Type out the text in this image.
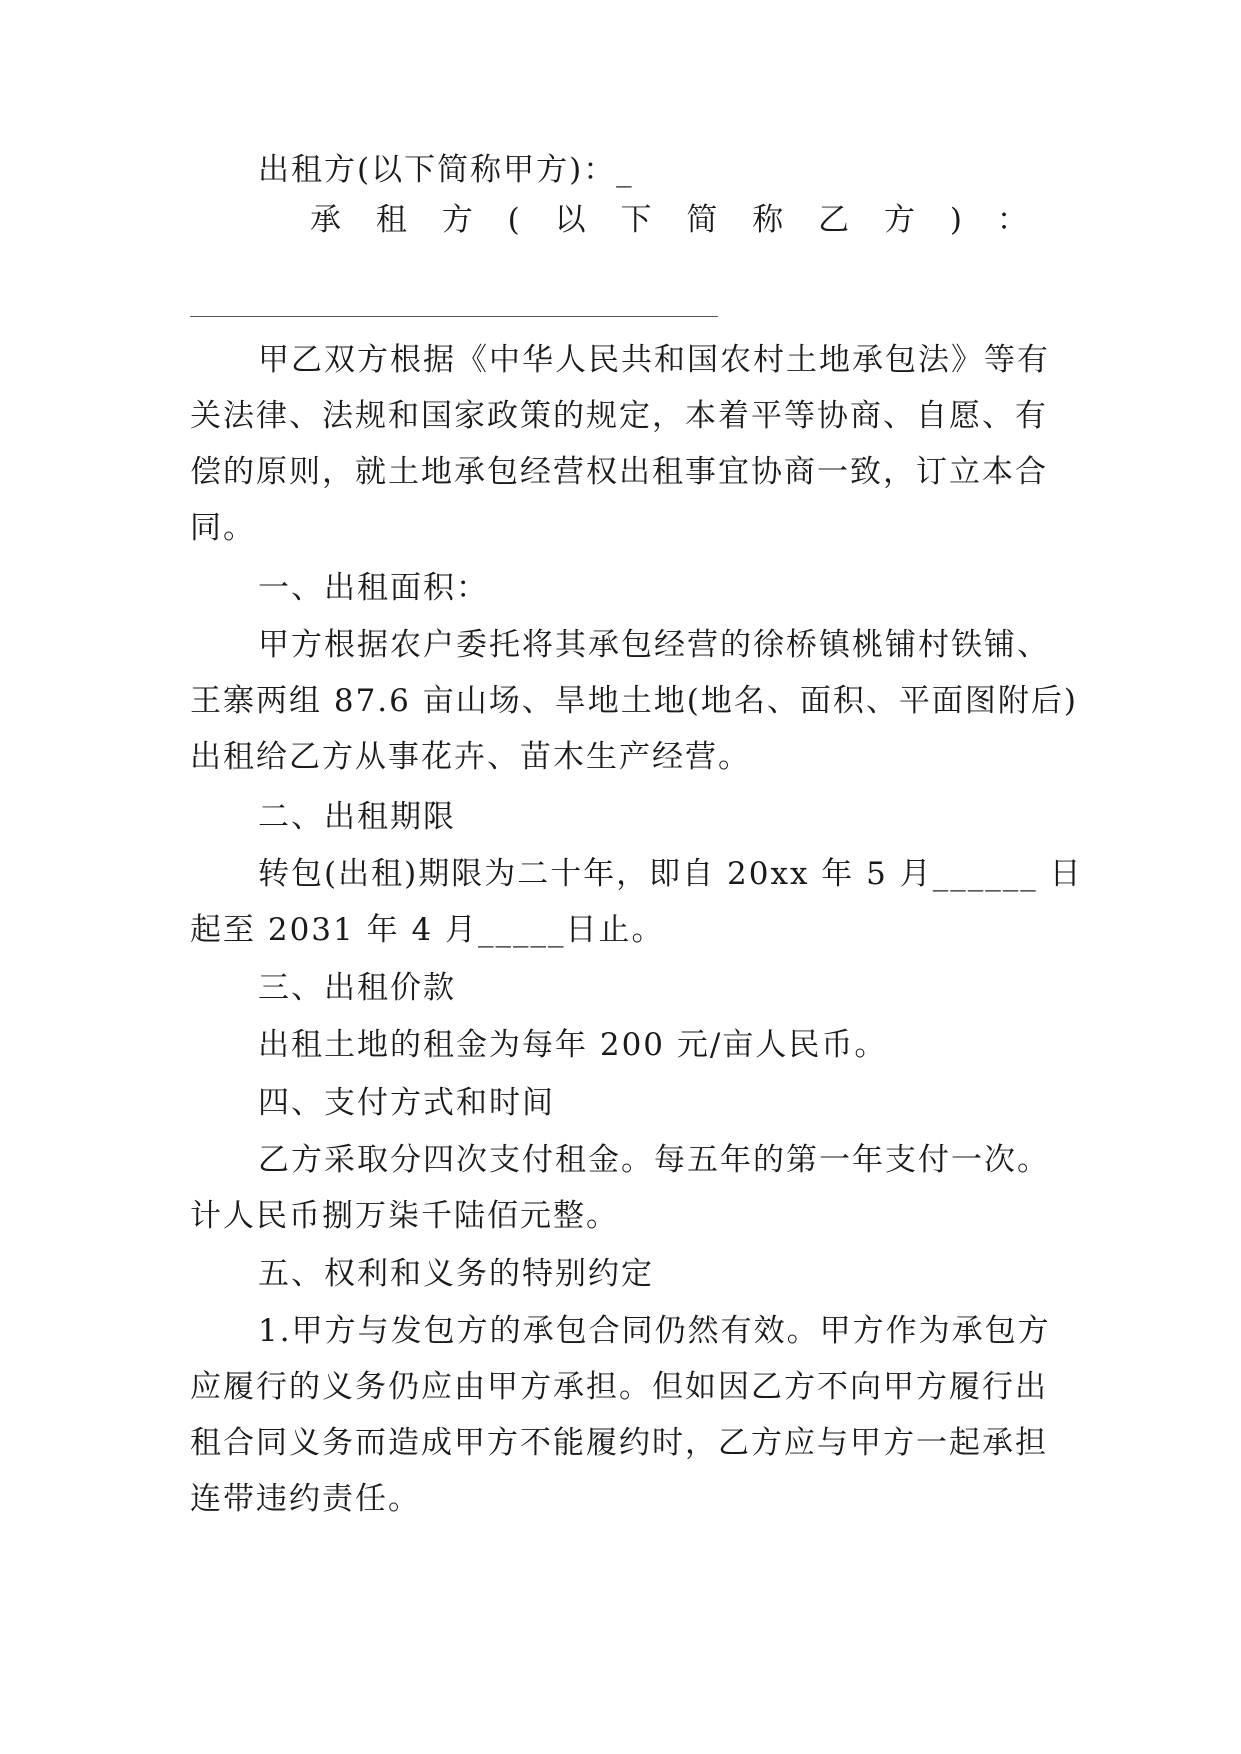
出租方(以下简称甲方)：_
承 租 方 ( 以 下 简 称 乙 方 ) ：
甲乙双方根据《中华人民共和国农村土地承包法》等有
关法律、法规和国家政策的规定，本着平等协商、自愿、有
偿的原则，就土地承包经营权出租事宜协商一致，订立本合
同。
一、出租面积：
甲方根据农户委托将其承包经营的徐桥镇桃铺村铁铺、
王寨两组 87.6 亩山场、旱地土地(地名、面积、平面图附后)
出租给乙方从事花卉、苗木生产经营。
二、出租期限
转包(出租)期限为二十年，即自 20xx 年 5 月______ 日
起至 2031 年 4 月_____日止。
三、出租价款
出租土地的租金为每年 200 元/亩人民币。
四、支付方式和时间
乙方采取分四次支付租金。每五年的第一年支付一次。
计人民币捌万柒千陆佰元整。
五、权利和义务的特别约定
1.甲方与发包方的承包合同仍然有效。甲方作为承包方
应履行的义务仍应由甲方承担。但如因乙方不向甲方履行出
租合同义务而造成甲方不能履约时，乙方应与甲方一起承担
连带违约责任。
